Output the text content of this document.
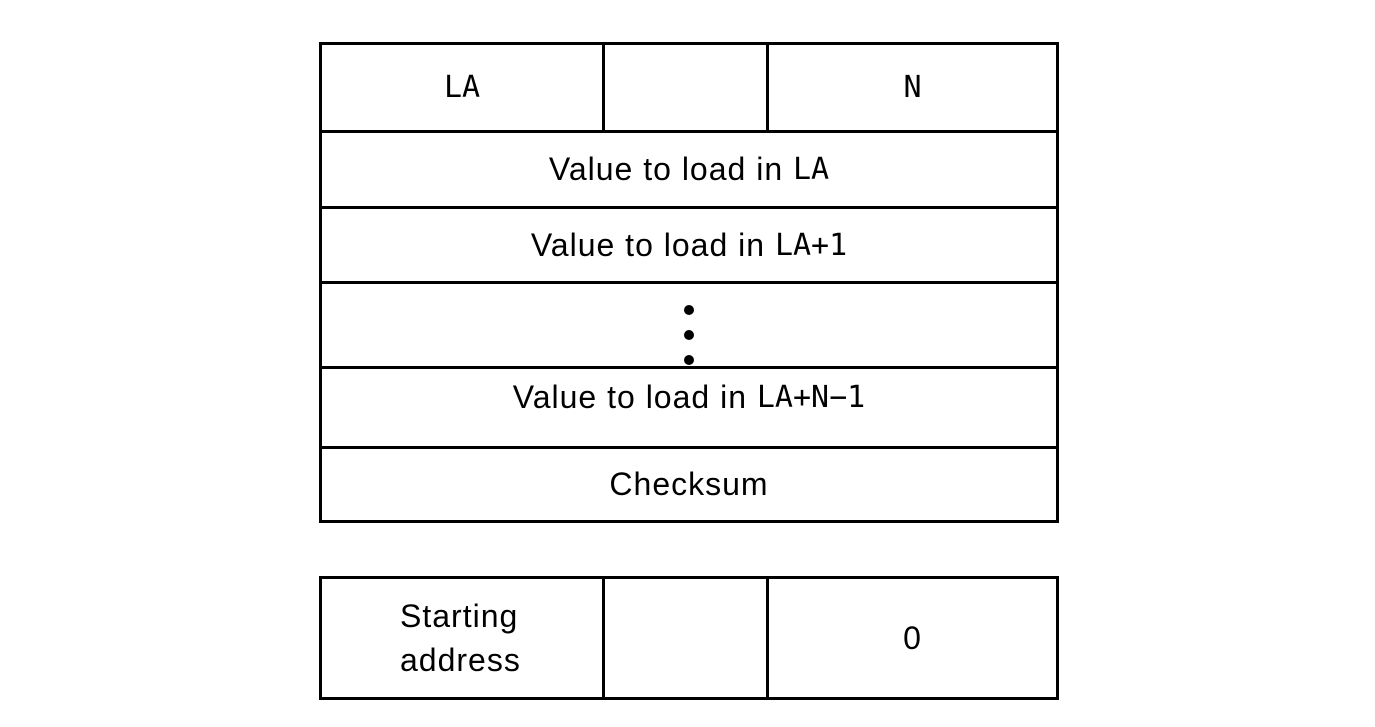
LA	N
Value to load in LA
Value to load in LA+1
Value to load in LA+N−1
Checksum
Starting
address
0
